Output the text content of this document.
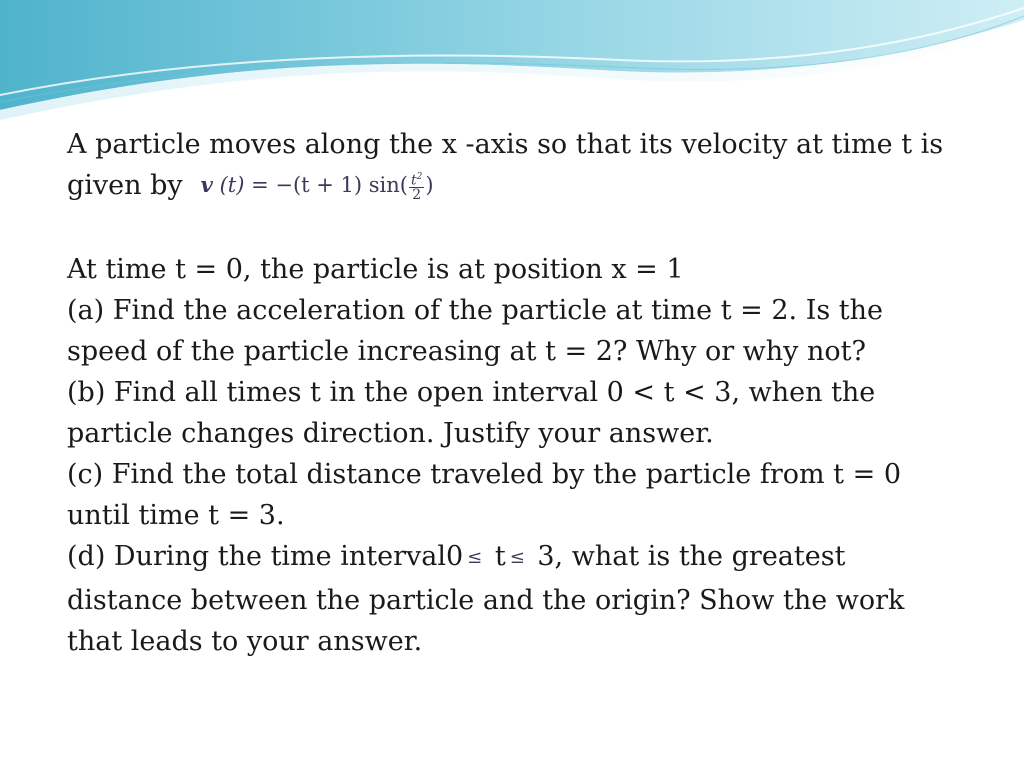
A particle moves along the x -axis so that its velocity at time t is given by v (t) = −(t + 1) $\sin( \frac{t^2}{2}$ )

At time t = 0, the particle is at position x = 1

(a) Find the acceleration of the particle at time t = 2. Is the speed of the particle increasing at t = 2? Why or why not?

(b) Find all times t in the open interval 0 < t < 3, when the particle changes direction. Justify your answer.

(c) Find the total distance traveled by the particle from t = 0 until time t = 3.

(d) During the time interval0 ≤ t ≤ 3, what is the greatest distance between the particle and the origin? Show the work that leads to your answer.
